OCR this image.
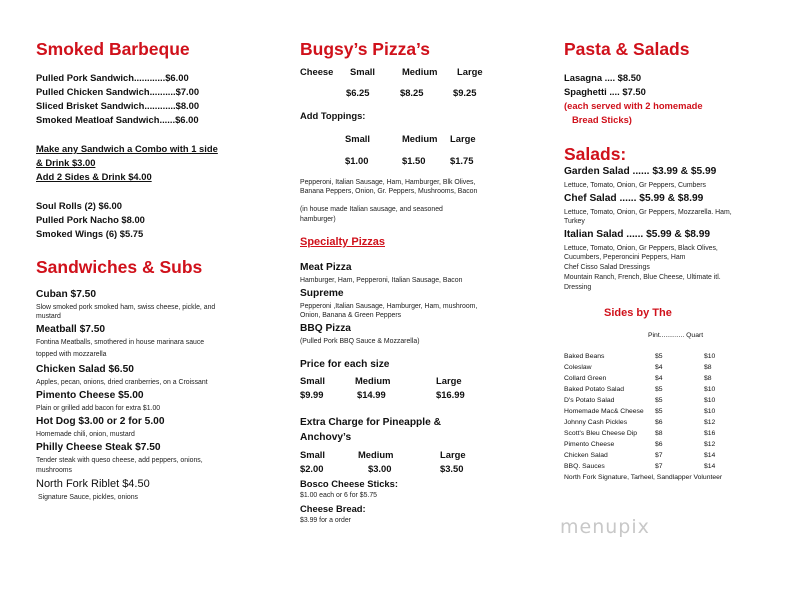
Smoked Barbeque
Pulled Pork Sandwich............$6.00
Pulled Chicken Sandwich..........$7.00
Sliced Brisket Sandwich............$8.00
Smoked Meatloaf Sandwich......$6.00
Make any Sandwich a Combo with 1 side
& Drink $3.00
Add 2 Sides & Drink $4.00
Soul Rolls (2) $6.00
Pulled Pork Nacho $8.00
Smoked Wings (6) $5.75
Sandwiches & Subs
Cuban $7.50
Slow smoked pork smoked ham, swiss cheese, pickle, and
mustard
Meatball $7.50
Fontina Meatballs, smothered in house marinara sauce
topped with mozzarella
Chicken Salad $6.50
Apples, pecan, onions, dried cranberries, on a Croissant
Pimento Cheese $5.00
Plain or grilled add bacon for extra $1.00
Hot Dog $3.00 or 2 for 5.00
Homemade chili, onion, mustard
Philly Cheese Steak $7.50
Tender steak with queso cheese, add peppers, onions,
mushrooms
North Fork Riblet $4.50
Signature Sauce, pickles, onions
Bugsy’s Pizza’s
Cheese Small	Medium Large
$6.25	$8.25	$9.25
Add Toppings:
Small	Medium Large
$1.00	$1.50	$1.75
Pepperoni, Italian Sausage, Ham, Hamburger, Blk Olives,
Banana Peppers, Onion, Gr. Peppers, Mushrooms, Bacon
(in house made Italian sausage, and seasoned
hamburger)
Specialty Pizzas
Meat Pizza
Hamburger, Ham, Pepperoni, Italian Sausage, Bacon
Supreme
Pepperoni ,Italian Sausage, Hamburger, Ham, mushroom,
Onion, Banana & Green Peppers
BBQ Pizza
(Pulled Pork BBQ Sauce & Mozzarella)
Price for each size
Small	Medium	Large
$9.99	$14.99	$16.99
Extra Charge for Pineapple &
Anchovy’s
Small	Medium	Large
$2.00	$3.00	$3.50
Bosco Cheese Sticks:
$1.00 each or 6 for $5.75
Cheese Bread:
$3.99 for a order
Pasta & Salads
Lasagna .... $8.50
Spaghetti .... $7.50
(each served with 2 homemade
Bread Sticks)
Salads:
Garden Salad ...... $3.99 & $5.99
Lettuce, Tomato, Onion, Gr Peppers, Cumbers
Chef Salad ...... $5.99 & $8.99
Lettuce, Tomato, Onion, Gr Peppers, Mozzarella. Ham,
Turkey
Italian Salad ...... $5.99 & $8.99
Lettuce, Tomato, Onion, Gr Peppers, Black Olives,
Cucumbers, Peperoncini Peppers, Ham
Chef Cisso Salad Dressings
Mountain Ranch, French, Blue Cheese, Ultimate itl.
Dressing
Sides by The
Pint............. Quart
Baked Beans	$5	$10
Coleslaw	$4	$8
Collard Green	$4	$8
Baked Potato Salad	$5	$10
D's Potato Salad	$5	$10
Homemade Mac& Cheese $5	$10
Johnny Cash Pickles	$6	$12
Scott's Bleu Cheese Dip	$8	$16
Pimento Cheese	$6	$12
Chicken Salad	$7	$14
BBQ. Sauces	$7	$14
North Fork Signature, Tarheel, Sandlapper Volunteer
menupix
